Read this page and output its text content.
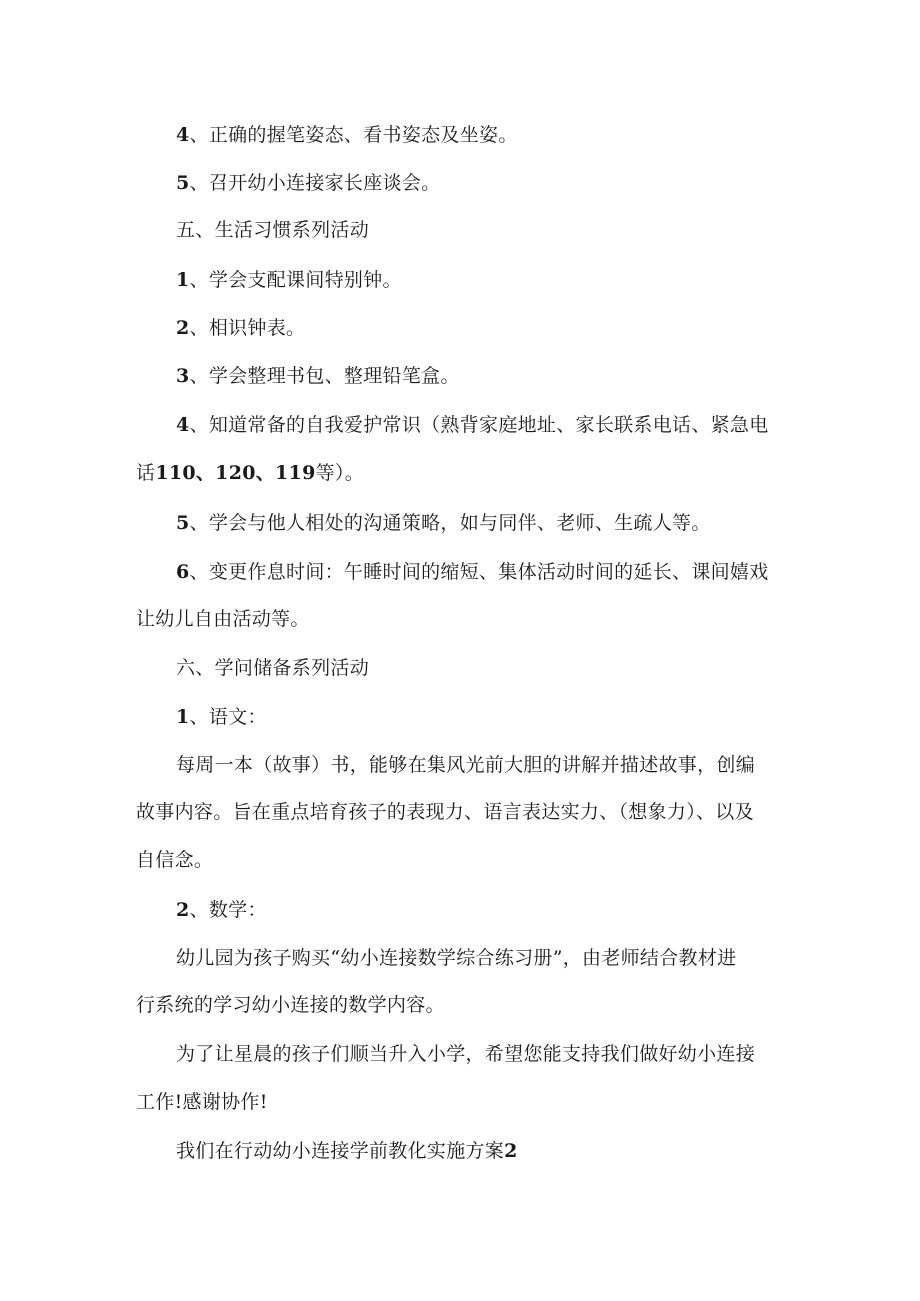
4、正确的握笔姿态、看书姿态及坐姿。
5、召开幼小连接家长座谈会。
五、生活习惯系列活动
1、学会支配课间特别钟。
2、相识钟表。
3、学会整理书包、整理铅笔盒。
4、知道常备的自我爱护常识（熟背家庭地址、家长联系电话、紧急电
话110、120、119等）。
5、学会与他人相处的沟通策略，如与同伴、老师、生疏人等。
6、变更作息时间：午睡时间的缩短、集体活动时间的延长、课间嬉戏
让幼儿自由活动等。
六、学问储备系列活动
1、语文：
每周一本（故事）书，能够在集风光前大胆的讲解并描述故事，创编
故事内容。旨在重点培育孩子的表现力、语言表达实力、（想象力）、以及
自信念。
2、数学：
幼儿园为孩子购买“幼小连接数学综合练习册”，由老师结合教材进
行系统的学习幼小连接的数学内容。
为了让星晨的孩子们顺当升入小学，希望您能支持我们做好幼小连接
工作!感谢协作!
我们在行动幼小连接学前教化实施方案2
